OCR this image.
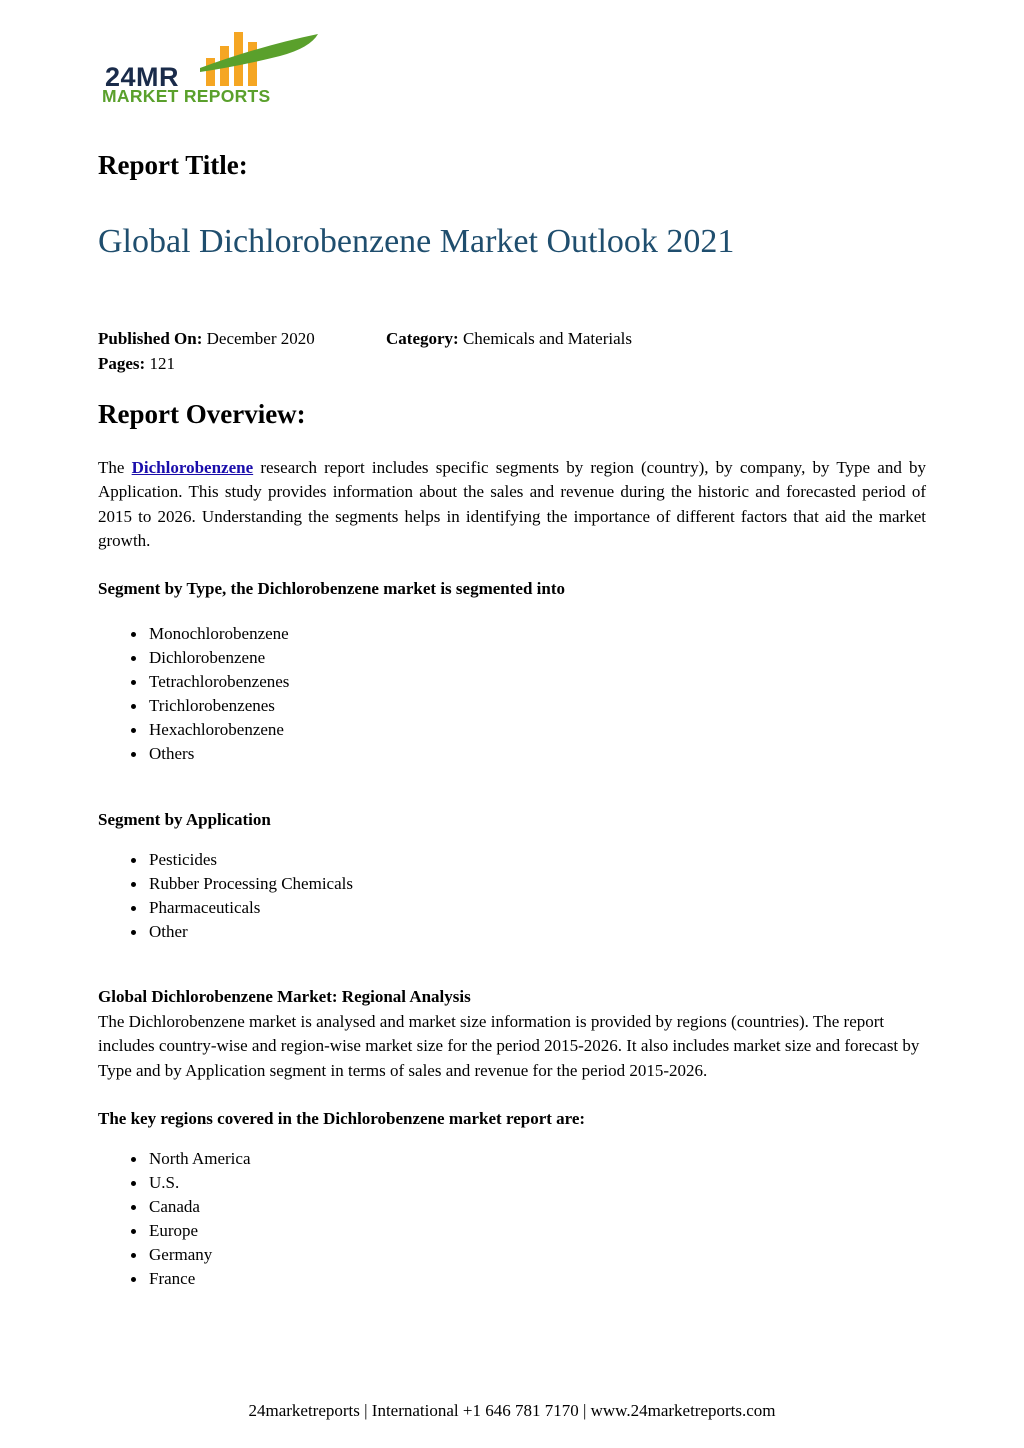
24MR
MARKET REPORTS
Report Title:
Global Dichlorobenzene Market Outlook 2021
Published On: December 2020	Category: Chemicals and Materials
Pages: 121
Report Overview:
The Dichlorobenzene research report includes specific segments by region (country), by company, by Type and by Application. This study provides information about the sales and revenue during the historic and forecasted period of 2015 to 2026. Understanding the segments helps in identifying the importance of different factors that aid the market growth.
Segment by Type, the Dichlorobenzene market is segmented into
Monochlorobenzene
Dichlorobenzene
Tetrachlorobenzenes
Trichlorobenzenes
Hexachlorobenzene
Others
Segment by Application
Pesticides
Rubber Processing Chemicals
Pharmaceuticals
Other
Global Dichlorobenzene Market: Regional Analysis
The Dichlorobenzene market is analysed and market size information is provided by regions (countries). The report includes country-wise and region-wise market size for the period 2015-2026. It also includes market size and forecast by Type and by Application segment in terms of sales and revenue for the period 2015-2026.
The key regions covered in the Dichlorobenzene market report are:
North America
U.S.
Canada
Europe
Germany
France
24marketreports | International +1 646 781 7170 | www.24marketreports.com
